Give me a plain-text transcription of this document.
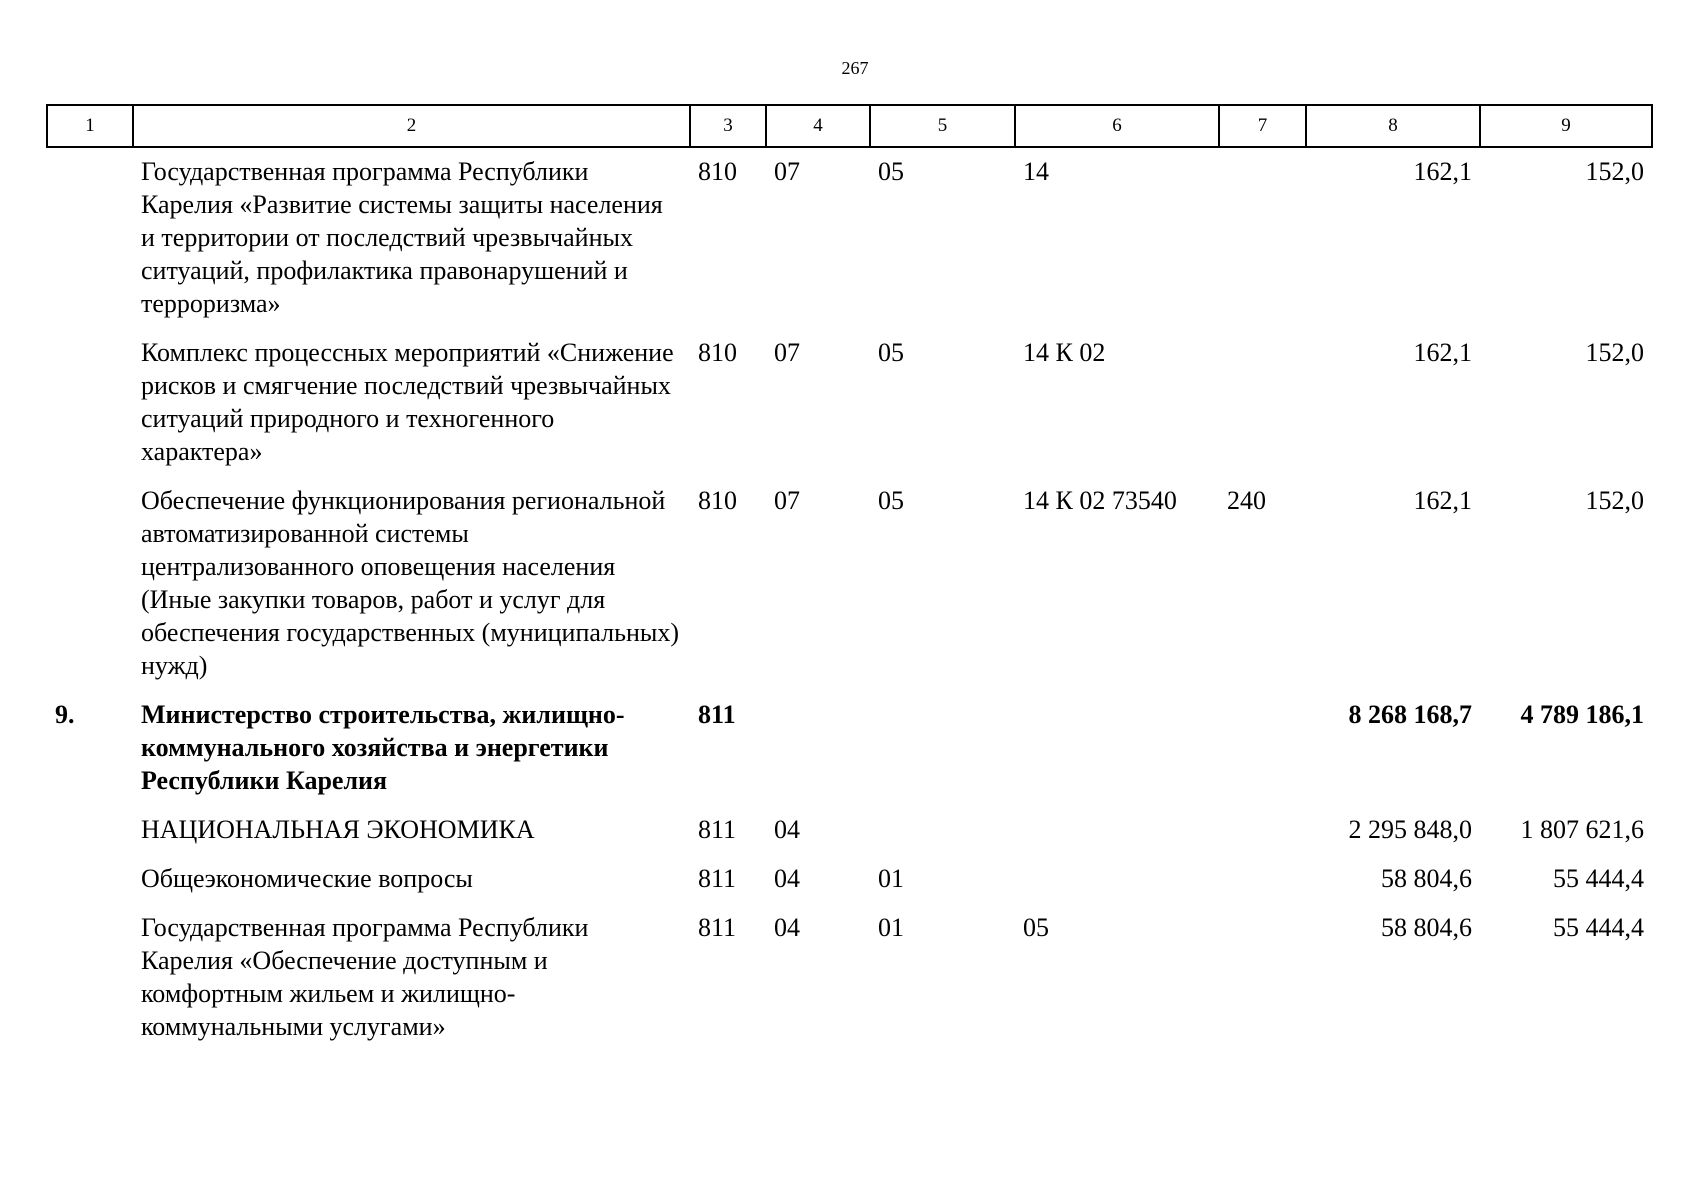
267
1	2	3	4	5	6	7	8	9
	Государственная программа Республики Карелия «Развитие системы защиты населения и территории от последствий чрезвычайных ситуаций, профилактика правонарушений и терроризма»	810	07	05	14		162,1	152,0
	Комплекс процессных мероприятий «Снижение рисков и смягчение последствий чрезвычайных ситуаций природного и техногенного характера»	810	07	05	14 К 02		162,1	152,0
	Обеспечение функционирования региональной автоматизированной системы централизованного оповещения населения (Иные закупки товаров, работ и услуг для обеспечения государственных (муниципальных) нужд)	810	07	05	14 К 02 73540	240	162,1	152,0
9.	Министерство строительства, жилищно-коммунального хозяйства и энергетики Республики Карелия	811					8 268 168,7	4 789 186,1
	НАЦИОНАЛЬНАЯ ЭКОНОМИКА	811	04				2 295 848,0	1 807 621,6
	Общеэкономические вопросы	811	04	01			58 804,6	55 444,4
	Государственная программа Республики Карелия «Обеспечение доступным и комфортным жильем и жилищно-коммунальными услугами»	811	04	01	05		58 804,6	55 444,4
